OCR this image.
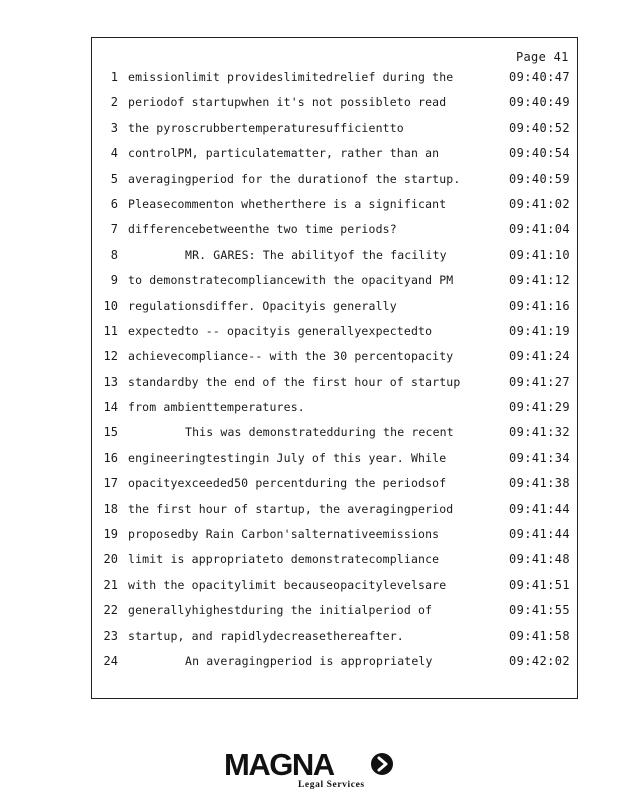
Page 41
1 emissionlimit provideslimitedrelief during the	09:40:47
2 periodof startupwhen it's not possibleto read	09:40:49
3 the pyroscrubbertemperaturesufficientto	09:40:52
4 controlPM, particulatematter, rather than an	09:40:54
5 averagingperiod for the durationof the startup.	09:40:59
6 Pleasecommenton whetherthere is a significant	09:41:02
7 differencebetweenthe two time periods?	09:41:04
8	MR. GARES: The abilityof the facility	09:41:10
9 to demonstratecompliancewith the opacityand PM	09:41:12
10 regulationsdiffer. Opacityis generally	09:41:16
11 expectedto -- opacityis generallyexpectedto	09:41:19
12 achievecompliance-- with the 30 percentopacity	09:41:24
13 standardby the end of the first hour of startup	09:41:27
14 from ambienttemperatures.	09:41:29
15	This was demonstratedduring the recent	09:41:32
16 engineeringtestingin July of this year. While	09:41:34
17 opacityexceeded50 percentduring the periodsof	09:41:38
18 the first hour of startup, the averagingperiod	09:41:44
19 proposedby Rain Carbon'salternativeemissions	09:41:44
20 limit is appropriateto demonstratecompliance	09:41:48
21 with the opacitylimit becauseopacitylevelsare	09:41:51
22 generallyhighestduring the initialperiod of	09:41:55
23 startup, and rapidlydecreasethereafter.	09:41:58
24	An averagingperiod is appropriately	09:42:02
MAGNA
Legal Services
